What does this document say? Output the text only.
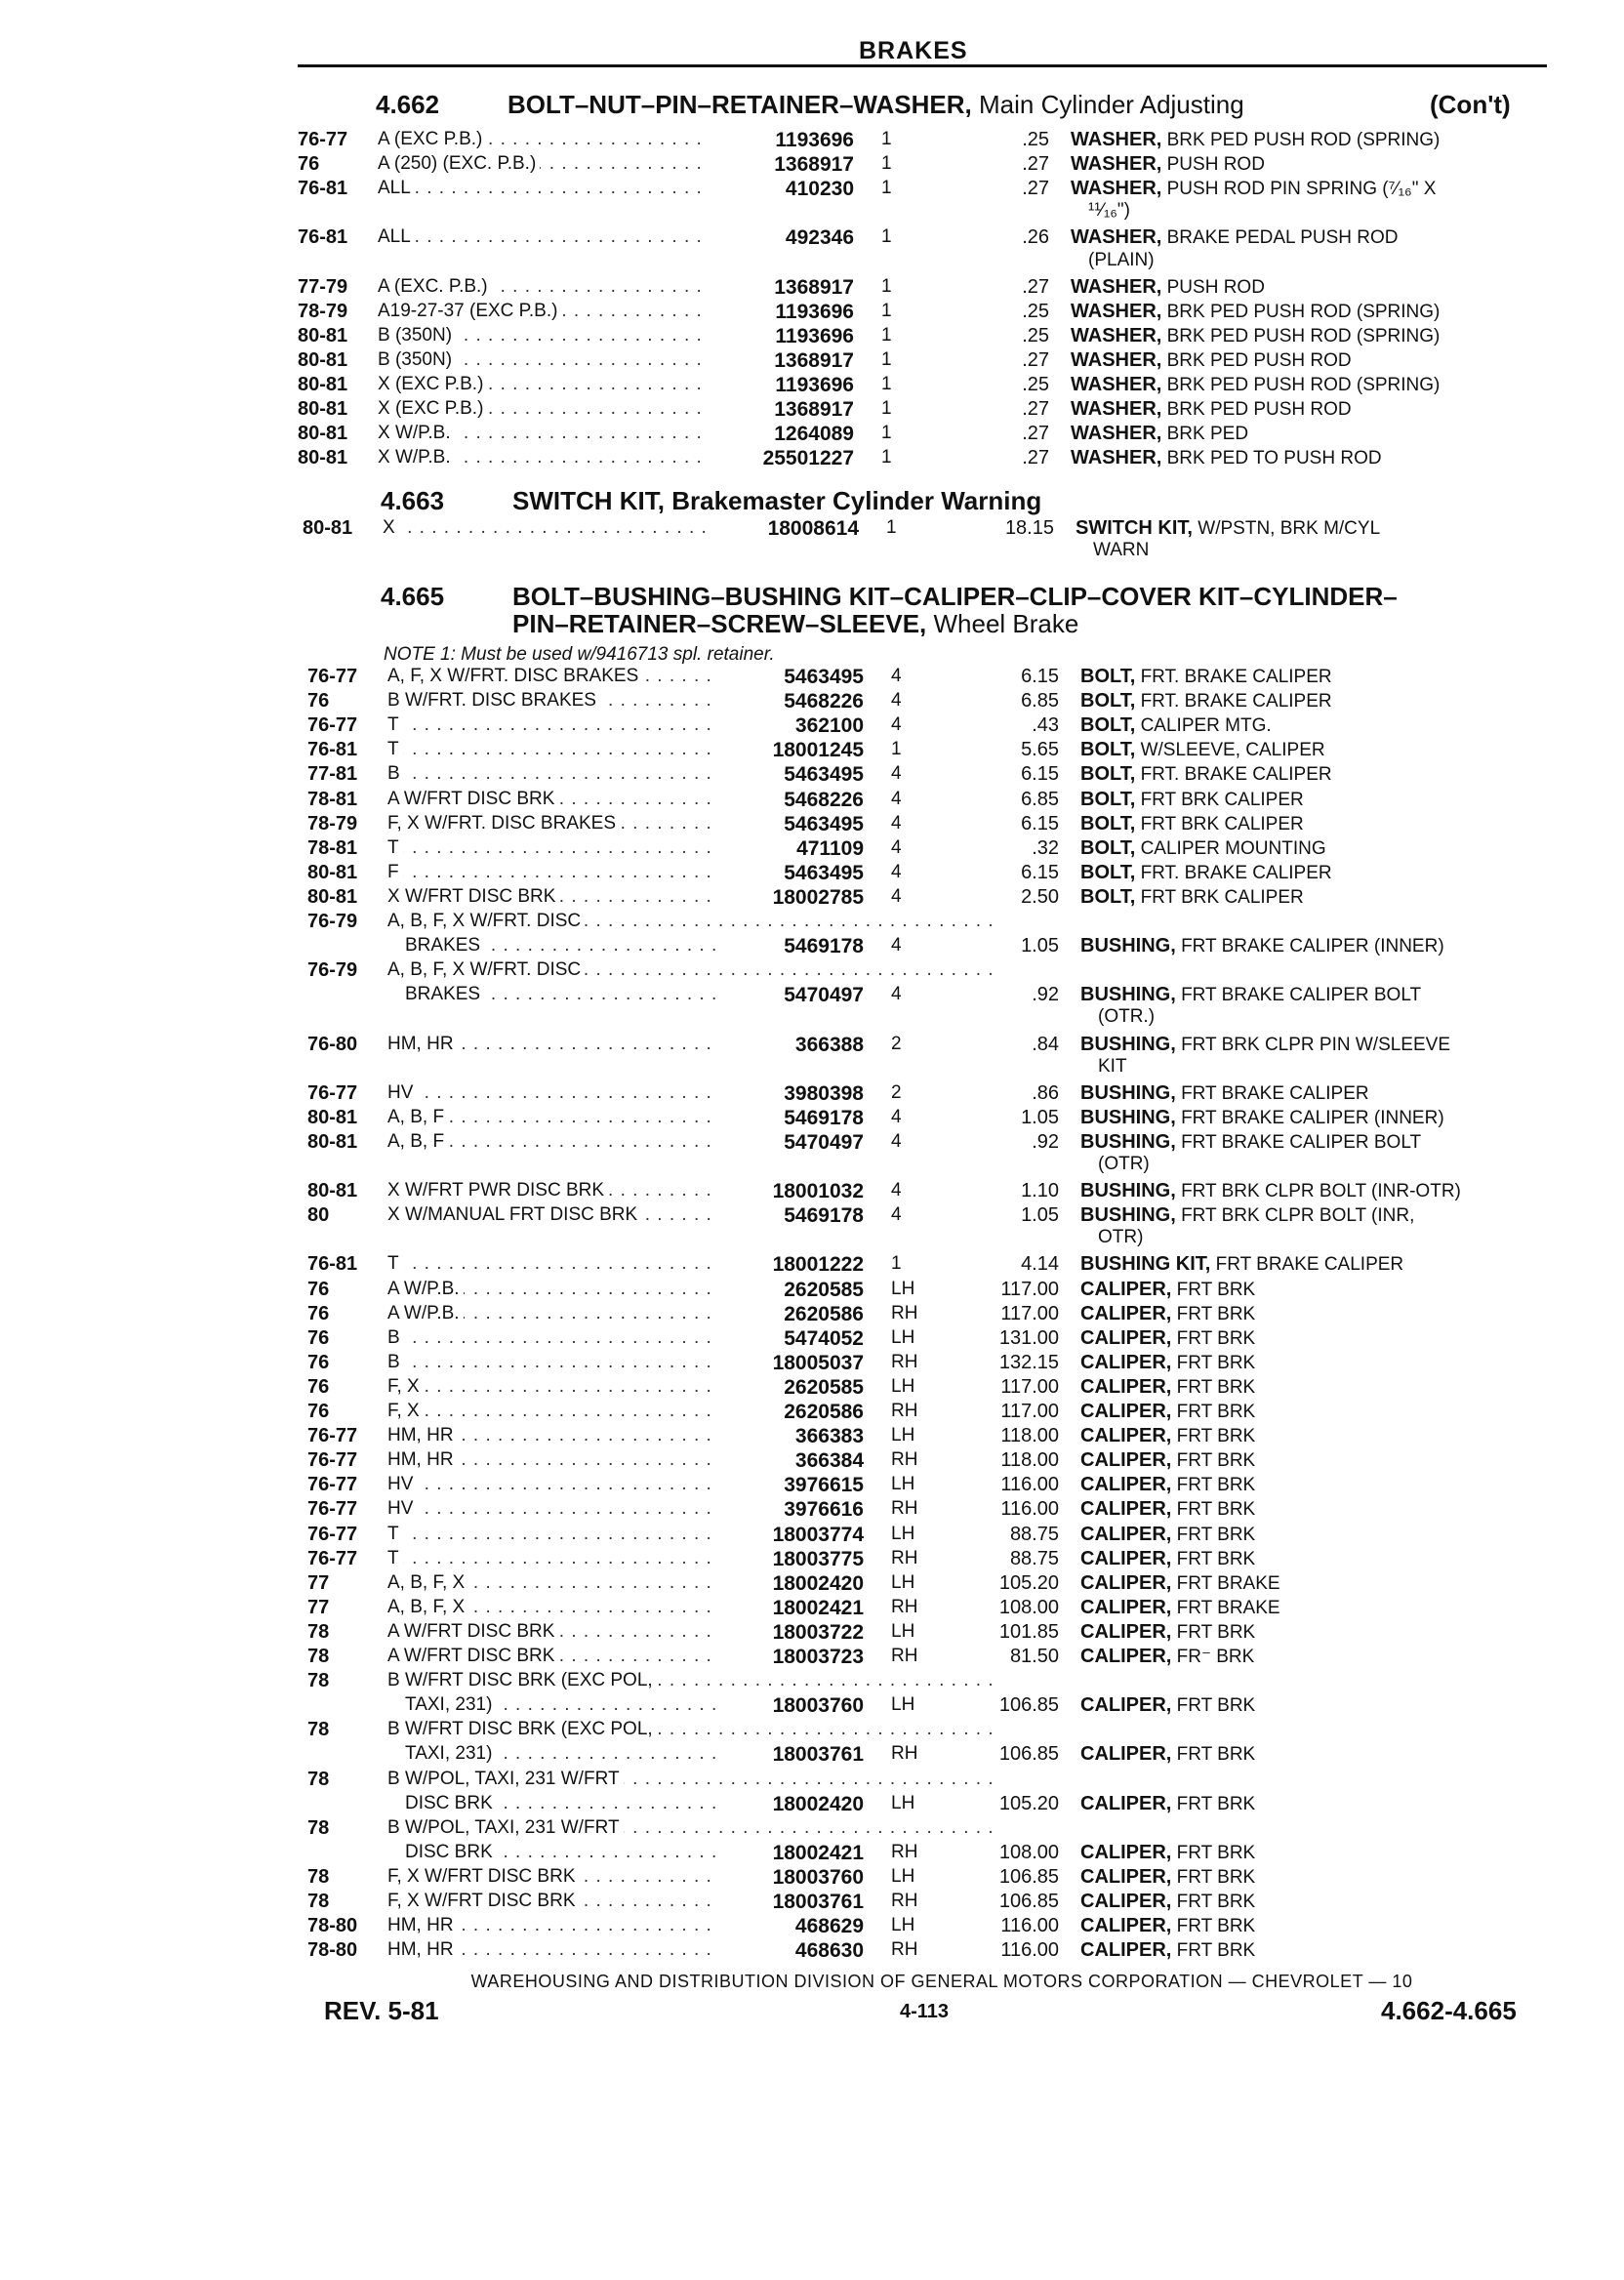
BRAKES
4.662	BOLT–NUT–PIN–RETAINER–WASHER, Main Cylinder Adjusting	(Con't)
76-77 A (EXC P.B.) . . .	1193696 1	.25 WASHER, BRK PED PUSH ROD (SPRING)
76	A (250) (EXC. P.B.) . . .	1368917 1	.27 WASHER, PUSH ROD
76-81 ALL . . .	410230 1	.27 WASHER, PUSH ROD PIN SPRING (⁷⁄₁₆" X
¹¹⁄₁₆")
76-81 ALL . . .	492346 1	.26 WASHER, BRAKE PEDAL PUSH ROD
(PLAIN)
77-79 A (EXC. P.B.) . . .	1368917 1	.27 WASHER, PUSH ROD
78-79 A19-27-37 (EXC P.B.) . . .	1193696 1	.25 WASHER, BRK PED PUSH ROD (SPRING)
80-81 B (350N) . . .	1193696 1	.25 WASHER, BRK PED PUSH ROD (SPRING)
80-81 B (350N) . . .	1368917 1	.27 WASHER, BRK PED PUSH ROD
80-81 X (EXC P.B.) . . .	1193696 1	.25 WASHER, BRK PED PUSH ROD (SPRING)
80-81 X (EXC P.B.) . . .	1368917 1	.27 WASHER, BRK PED PUSH ROD
80-81 X W/P.B. . . .	1264089 1	.27 WASHER, BRK PED
80-81 X W/P.B. . . .	25501227 1	.27 WASHER, BRK PED TO PUSH ROD
4.663	SWITCH KIT, Brakemaster Cylinder Warning
80-81 X . . .	18008614 1	18.15 SWITCH KIT, W/PSTN, BRK M/CYL
WARN
4.665	BOLT–BUSHING–BUSHING KIT–CALIPER–CLIP–COVER KIT–CYLINDER–
PIN–RETAINER–SCREW–SLEEVE, Wheel Brake
NOTE 1: Must be used w/9416713 spl. retainer.
76-77 A, F, X W/FRT. DISC BRAKES . . .	5463495 4	6.15 BOLT, FRT. BRAKE CALIPER
76	B W/FRT. DISC BRAKES . . .	5468226 4	6.85 BOLT, FRT. BRAKE CALIPER
76-77 T . . .	362100 4	.43 BOLT, CALIPER MTG.
76-81 T . . .	18001245 1	5.65 BOLT, W/SLEEVE, CALIPER
77-81 B . . .	5463495 4	6.15 BOLT, FRT. BRAKE CALIPER
78-81 A W/FRT DISC BRK . . .	5468226 4	6.85 BOLT, FRT BRK CALIPER
78-79 F, X W/FRT. DISC BRAKES . . .	5463495 4	6.15 BOLT, FRT BRK CALIPER
78-81 T . . .	471109 4	.32 BOLT, CALIPER MOUNTING
80-81 F . . .	5463495 4	6.15 BOLT, FRT. BRAKE CALIPER
80-81 X W/FRT DISC BRK . . .	18002785 4	2.50 BOLT, FRT BRK CALIPER
76-79 A, B, F, X W/FRT. DISC . . .
BRAKES . . .	5469178 4	1.05 BUSHING, FRT BRAKE CALIPER (INNER)
76-79 A, B, F, X W/FRT. DISC . . .
BRAKES . . .	5470497 4	.92 BUSHING, FRT BRAKE CALIPER BOLT
(OTR.)
76-80 HM, HR . . .	366388 2	.84 BUSHING, FRT BRK CLPR PIN W/SLEEVE
KIT
76-77 HV . . .	3980398 2	.86 BUSHING, FRT BRAKE CALIPER
80-81 A, B, F . . .	5469178 4	1.05 BUSHING, FRT BRAKE CALIPER (INNER)
80-81 A, B, F . . .	5470497 4	.92 BUSHING, FRT BRAKE CALIPER BOLT
(OTR)
80-81 X W/FRT PWR DISC BRK . . .	18001032 4	1.10 BUSHING, FRT BRK CLPR BOLT (INR-OTR)
80	X W/MANUAL FRT DISC BRK . . .	5469178 4	1.05 BUSHING, FRT BRK CLPR BOLT (INR,
OTR)
76-81 T . . .	18001222 1	4.14 BUSHING KIT, FRT BRAKE CALIPER
76	A W/P.B. . . .	2620585 LH	117.00 CALIPER, FRT BRK
76	A W/P.B. . . .	2620586 RH	117.00 CALIPER, FRT BRK
76	B . . .	5474052 LH	131.00 CALIPER, FRT BRK
76	B . . .	18005037 RH	132.15 CALIPER, FRT BRK
76	F, X . . .	2620585 LH	117.00 CALIPER, FRT BRK
76	F, X . . .	2620586 RH	117.00 CALIPER, FRT BRK
76-77 HM, HR . . .	366383 LH	118.00 CALIPER, FRT BRK
76-77 HM, HR . . .	366384 RH	118.00 CALIPER, FRT BRK
76-77 HV . . .	3976615 LH	116.00 CALIPER, FRT BRK
76-77 HV . . .	3976616 RH	116.00 CALIPER, FRT BRK
76-77 T . . .	18003774 LH	88.75 CALIPER, FRT BRK
76-77 T . . .	18003775 RH	88.75 CALIPER, FRT BRK
77	A, B, F, X . . .	18002420 LH	105.20 CALIPER, FRT BRAKE
77	A, B, F, X . . .	18002421 RH	108.00 CALIPER, FRT BRAKE
78	A W/FRT DISC BRK . . .	18003722 LH	101.85 CALIPER, FRT BRK
78	A W/FRT DISC BRK . . .	18003723 RH	81.50 CALIPER, FR⁻ BRK
78	B W/FRT DISC BRK (EXC POL, . . .
TAXI, 231) . . .	18003760 LH	106.85 CALIPER, FRT BRK
78	B W/FRT DISC BRK (EXC POL, . . .
TAXI, 231) . . .	18003761 RH	106.85 CALIPER, FRT BRK
78	B W/POL, TAXI, 231 W/FRT . . .
DISC BRK . . .	18002420 LH	105.20 CALIPER, FRT BRK
78	B W/POL, TAXI, 231 W/FRT . . .
DISC BRK . . .	18002421 RH	108.00 CALIPER, FRT BRK
78	F, X W/FRT DISC BRK . . .	18003760 LH	106.85 CALIPER, FRT BRK
78	F, X W/FRT DISC BRK . . .	18003761 RH	106.85 CALIPER, FRT BRK
78-80 HM, HR . . .	468629 LH	116.00 CALIPER, FRT BRK
78-80 HM, HR . . .	468630 RH	116.00 CALIPER, FRT BRK
WAREHOUSING AND DISTRIBUTION DIVISION OF GENERAL MOTORS CORPORATION — CHEVROLET — 10
REV. 5-81	4-113	4.662-4.665
